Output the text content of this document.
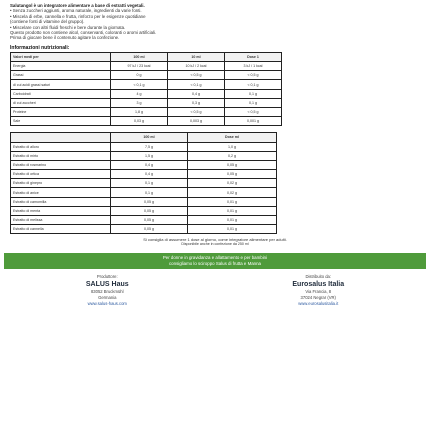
Salutangol è un integratore alimentare a base di estratti vegetali.

• Senza zuccheri aggiunti, aroma naturale, ingredienti da varie fonti.

• Miscela di erbe, cannella e frutta, rinforzo per le esigenze quotidiane

(contiene fonti di vitamine del gruppo).

• Miscelare con altri fluidi freschi e bere durante la giornata.

Questo prodotto non contiene alcol, conservanti, coloranti o aromi artificiali.

Prima di giocare bene il contenuto agitare la confezione.

Informazioni nutrizionali:
Valori medi per	100 ml	10 ml	Dose 1
Energia	97 kJ / 23 kcal	10 kJ / 2 kcal	3 kJ / 1 kcal
Grassi	0 g	< 0,5 g	< 0,5 g
di cui acidi grassi saturi	< 0,1 g	< 0,1 g	< 0,1 g
Carboidrati	4 g	0,4 g	0,1 g
di cui zuccheri	3 g	0,3 g	0,1 g
Proteine	1,8 g	< 0,5 g	< 0,5 g
Sale	0,03 g	0,003 g	0,001 g
	100 ml	Dose ml
Estratto di alloro	7,5 g	1,0 g
Estratto di mirto	1,5 g	0,2 g
Estratto di rosmarino	0,4 g	0,05 g
Estratto di ortica	0,4 g	0,05 g
Estratto di ginepro	0,1 g	0,02 g
Estratto di anice	0,1 g	0,02 g
Estratto di camomilla	0,05 g	0,01 g
Estratto di menta	0,05 g	0,01 g
Estratto di melissa	0,05 g	0,01 g
Estratto di cannella	0,05 g	0,01 g
Si consiglia di assumere 1 dose al giorno, come integratore alimentare per adulti.
Disponibile anche in confezione da 250 ml
Per donne in gravidanza e allattamento e per bambini
consigliamo lo sciroppo Salus di frutta e Manna
Produttore:
SALUS Haus
83052 Bruckmühl
Germania
www.salus-haus.com
Distribuito da:
Eurosalus Italia
Via Francia, 8
37024 Negrar (VR)
www.eurosalusitalia.it
